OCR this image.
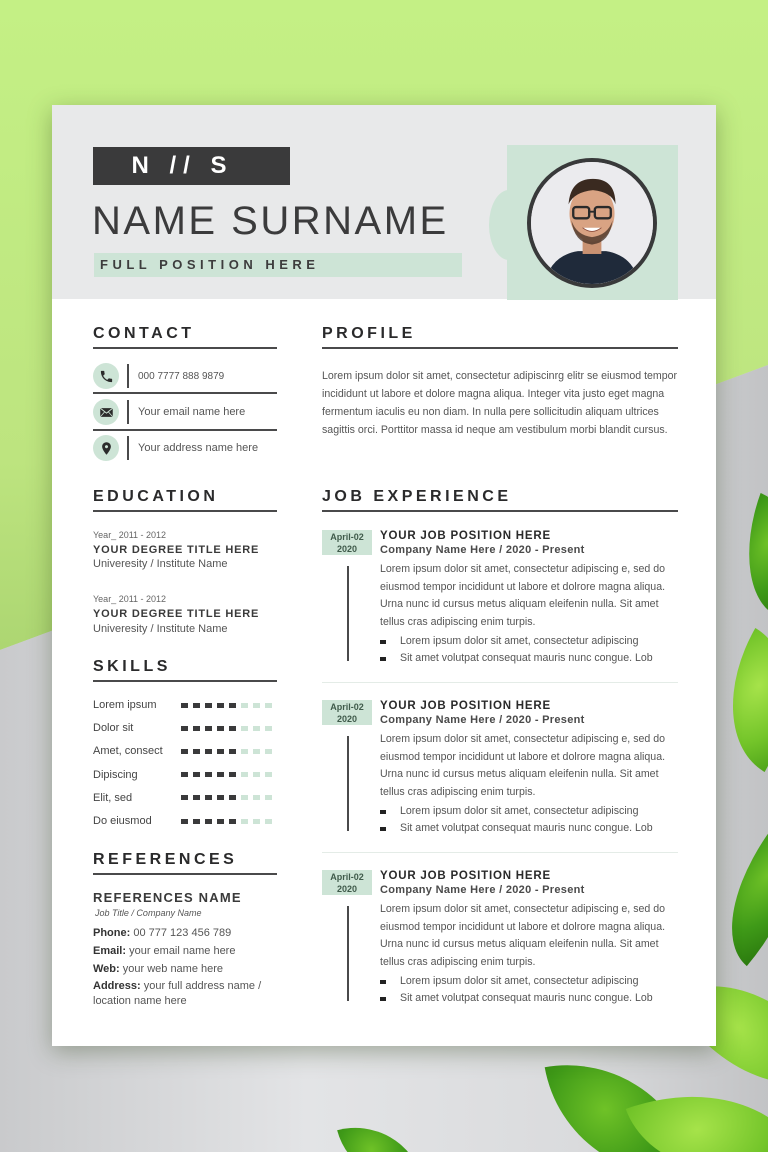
N // S
NAME SURNAME
FULL POSITION HERE
CONTACT
000 7777 888 9879
Your email name here
Your address name here
EDUCATION
Year_ 2011 - 2012
YOUR DEGREE TITLE HERE
Univeresity / Institute Name
Year_ 2011 - 2012
YOUR DEGREE TITLE HERE
Univeresity / Institute Name
SKILLS
Lorem ipsum
Dolor sit
Amet, consect
Dipiscing
Elit, sed
Do eiusmod
REFERENCES
REFERENCES NAME
Job Title / Company Name
Phone: 00 777 123 456 789
Email: your email name here
Web: your web name here
Address: your full address name / location name here
PROFILE
Lorem ipsum dolor sit amet, consectetur adipiscinrg elitr se eiusmod tempor incididunt ut labore et dolore magna aliqua. Integer vita justo eget magna fermentum iaculis eu non diam. In nulla pere sollicitudin aliquam ultrices sagittis orci. Porttitor massa id neque am vestibulum morbi blandit cursus.
JOB EXPERIENCE
April-02
2020
YOUR JOB POSITION HERE
Company Name Here / 2020 - Present
Lorem ipsum dolor sit amet, consectetur adipiscing e, sed do eiusmod tempor incididunt ut labore et dolrore magna aliqua. Urna nunc id cursus metus aliquam eleifenin nulla. Sit amet tellus cras adipiscing enim turpis.
Lorem ipsum dolor sit amet, consectetur adipiscing
Sit amet volutpat consequat mauris nunc congue. Lob
April-02
2020
YOUR JOB POSITION HERE
Company Name Here / 2020 - Present
Lorem ipsum dolor sit amet, consectetur adipiscing e, sed do eiusmod tempor incididunt ut labore et dolrore magna aliqua. Urna nunc id cursus metus aliquam eleifenin nulla. Sit amet tellus cras adipiscing enim turpis.
Lorem ipsum dolor sit amet, consectetur adipiscing
Sit amet volutpat consequat mauris nunc congue. Lob
April-02
2020
YOUR JOB POSITION HERE
Company Name Here / 2020 - Present
Lorem ipsum dolor sit amet, consectetur adipiscing e, sed do eiusmod tempor incididunt ut labore et dolrore magna aliqua. Urna nunc id cursus metus aliquam eleifenin nulla. Sit amet tellus cras adipiscing enim turpis.
Lorem ipsum dolor sit amet, consectetur adipiscing
Sit amet volutpat consequat mauris nunc congue. Lob
